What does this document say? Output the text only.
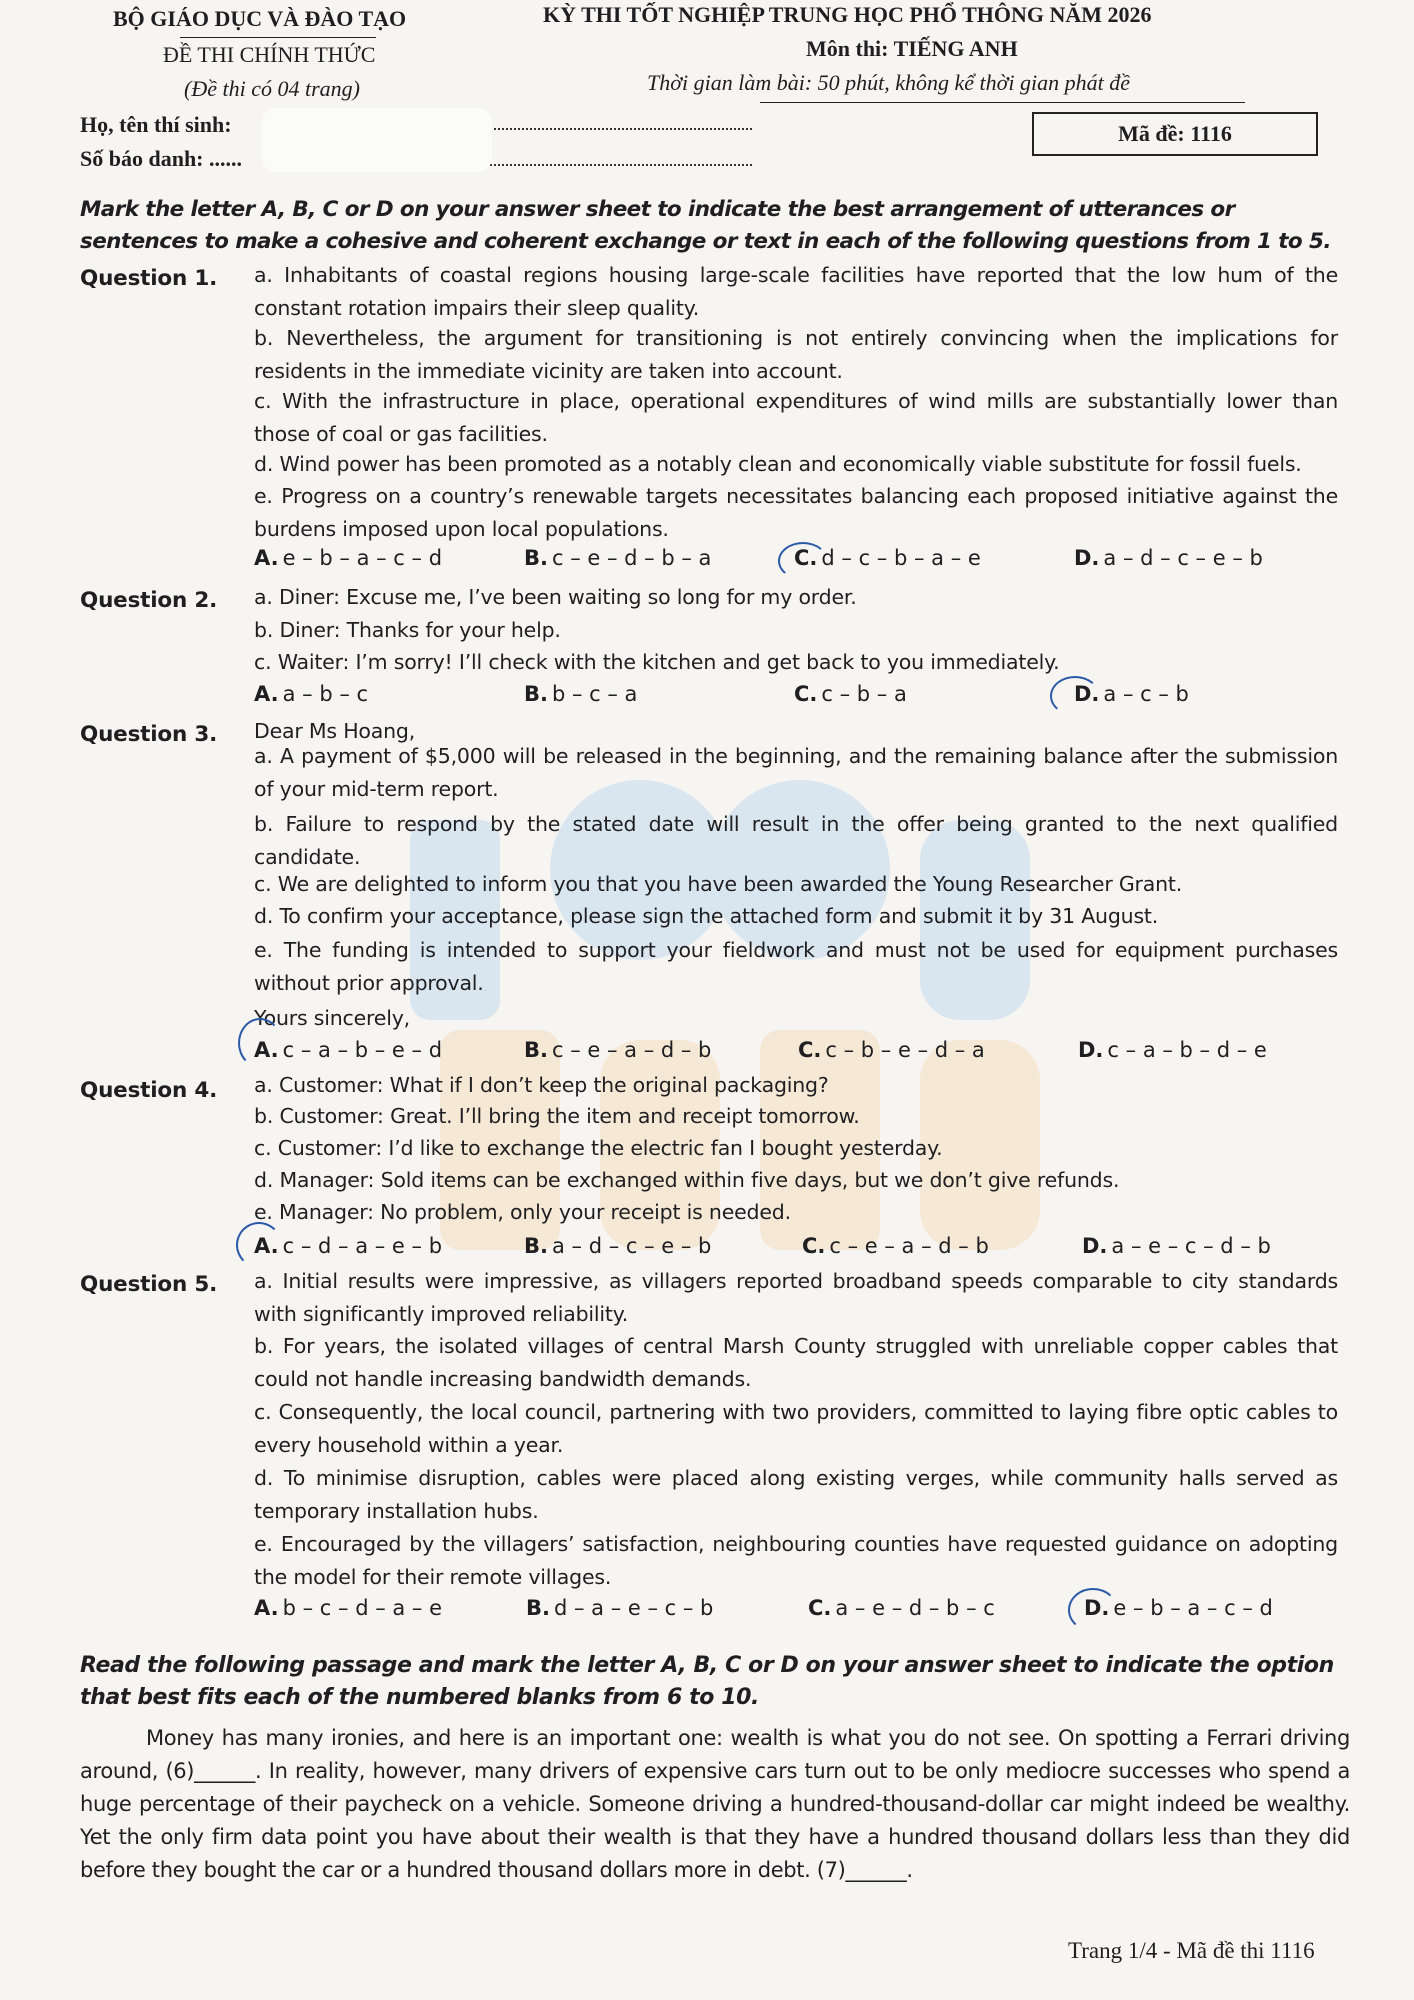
BỘ GIÁO DỤC VÀ ĐÀO TẠO
ĐỀ THI CHÍNH THỨC
(Đề thi có 04 trang)
KỲ THI TỐT NGHIỆP TRUNG HỌC PHỔ THÔNG NĂM 2026
Môn thi: TIẾNG ANH
Thời gian làm bài: 50 phút, không kể thời gian phát đề
Họ, tên thí sinh:
Số báo danh: ......
Mã đề: 1116
Mark the letter A, B, C or D on your answer sheet to indicate the best arrangement of utterances or sentences to make a cohesive and coherent exchange or text in each of the following questions from 1 to 5.
Question 1. a. Inhabitants of coastal regions housing large-scale facilities have reported that the low hum of the constant rotation impairs their sleep quality.
b. Nevertheless, the argument for transitioning is not entirely convincing when the implications for residents in the immediate vicinity are taken into account.
c. With the infrastructure in place, operational expenditures of wind mills are substantially lower than those of coal or gas facilities.
d. Wind power has been promoted as a notably clean and economically viable substitute for fossil fuels.
e. Progress on a country’s renewable targets necessitates balancing each proposed initiative against the burdens imposed upon local populations.
A. e – b – a – c – d	B. c – e – d – b – a	C. d – c – b – a – e	D. a – d – c – e – b
Question 2. a. Diner: Excuse me, I’ve been waiting so long for my order.
b. Diner: Thanks for your help.
c. Waiter: I’m sorry! I’ll check with the kitchen and get back to you immediately.
A. a – b – c	B. b – c – a	C. c – b – a	D. a – c – b
Question 3. Dear Ms Hoang,
a. A payment of $5,000 will be released in the beginning, and the remaining balance after the submission of your mid-term report.
b. Failure to respond by the stated date will result in the offer being granted to the next qualified candidate.
c. We are delighted to inform you that you have been awarded the Young Researcher Grant.
d. To confirm your acceptance, please sign the attached form and submit it by 31 August.
e. The funding is intended to support your fieldwork and must not be used for equipment purchases without prior approval.
Yours sincerely,
A. c – a – b – e – d	B. c – e – a – d – b	C. c – b – e – d – a	D. c – a – b – d – e
Question 4. a. Customer: What if I don’t keep the original packaging?
b. Customer: Great. I’ll bring the item and receipt tomorrow.
c. Customer: I’d like to exchange the electric fan I bought yesterday.
d. Manager: Sold items can be exchanged within five days, but we don’t give refunds.
e. Manager: No problem, only your receipt is needed.
A. c – d – a – e – b	B. a – d – c – e – b	C. c – e – a – d – b	D. a – e – c – d – b
Question 5. a. Initial results were impressive, as villagers reported broadband speeds comparable to city standards with significantly improved reliability.
b. For years, the isolated villages of central Marsh County struggled with unreliable copper cables that could not handle increasing bandwidth demands.
c. Consequently, the local council, partnering with two providers, committed to laying fibre optic cables to every household within a year.
d. To minimise disruption, cables were placed along existing verges, while community halls served as temporary installation hubs.
e. Encouraged by the villagers’ satisfaction, neighbouring counties have requested guidance on adopting the model for their remote villages.
A. b – c – d – a – e	B. d – a – e – c – b	C. a – e – d – b – c	D. e – b – a – c – d
Read the following passage and mark the letter A, B, C or D on your answer sheet to indicate the option that best fits each of the numbered blanks from 6 to 10.
Money has many ironies, and here is an important one: wealth is what you do not see. On spotting a Ferrari driving around, (6)______. In reality, however, many drivers of expensive cars turn out to be only mediocre successes who spend a huge percentage of their paycheck on a vehicle. Someone driving a hundred-thousand-dollar car might indeed be wealthy. Yet the only firm data point you have about their wealth is that they have a hundred thousand dollars less than they did before they bought the car or a hundred thousand dollars more in debt. (7)______.
Trang 1/4 - Mã đề thi 1116
